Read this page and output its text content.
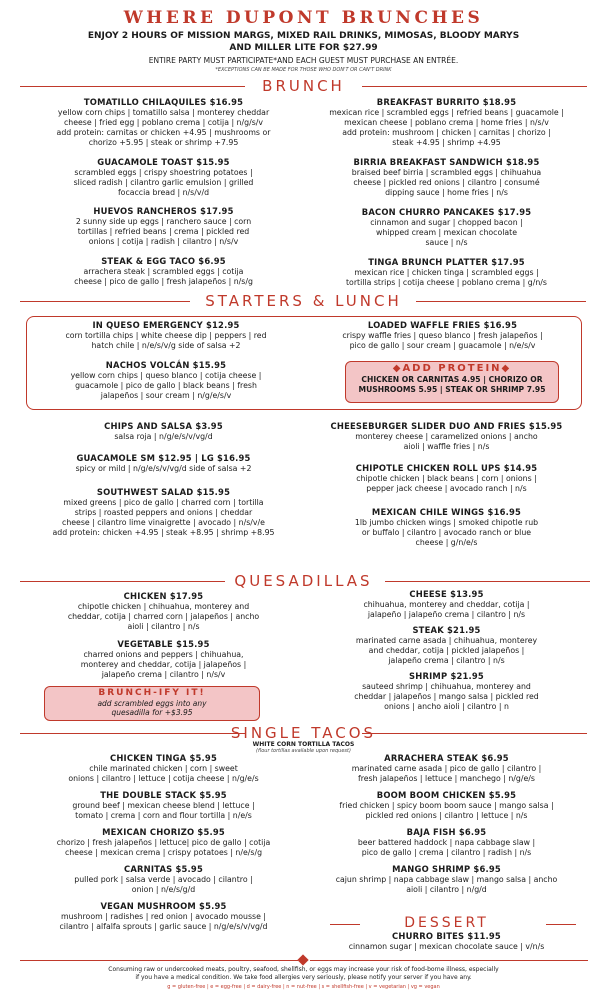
WHERE DUPONT BRUNCHES
ENJOY 2 HOURS OF MISSION MARGS, MIXED RAIL DRINKS, MIMOSAS, BLOODY MARYS
AND MILLER LITE FOR $27.99
ENTIRE PARTY MUST PARTICIPATE*AND EACH GUEST MUST PURCHASE AN ENTRÉE.
*EXCEPTIONS CAN BE MADE FOR THOSE WHO DON'T OR CAN'T DRINK
BRUNCH
TOMATILLO CHILAQUILES $16.95
yellow corn chips | tomatillo salsa | monterey cheddar
cheese | fried egg | poblano crema | cotija | n/g/s/v
add protein: carnitas or chicken +4.95 | mushrooms or
chorizo +5.95 | steak or shrimp +7.95
GUACAMOLE TOAST $15.95
scrambled eggs | crispy shoestring potatoes |
sliced radish | cilantro garlic emulsion | grilled
focaccia bread | n/s/v/d
HUEVOS RANCHEROS $17.95
2 sunny side up eggs | ranchero sauce | corn
tortillas | refried beans | crema | pickled red
onions | cotija | radish | cilantro | n/s/v
STEAK & EGG TACO $6.95
arrachera steak | scrambled eggs | cotija
cheese | pico de gallo | fresh jalapeños | n/s/g
BREAKFAST BURRITO $18.95
mexican rice | scrambled eggs | refried beans | guacamole |
mexican cheese | poblano crema | home fries | n/s/v
add protein: mushroom | chicken | carnitas | chorizo |
steak +4.95 | shrimp +4.95
BIRRIA BREAKFAST SANDWICH $18.95
braised beef birria | scrambled eggs | chihuahua
cheese | pickled red onions | cilantro | consumé
dipping sauce | home fries | n/s
BACON CHURRO PANCAKES $17.95
cinnamon and sugar | chopped bacon |
whipped cream | mexican chocolate
sauce | n/s
TINGA BRUNCH PLATTER $17.95
mexican rice | chicken tinga | scrambled eggs |
tortilla strips | cotija cheese | poblano crema | g/n/s
STARTERS & LUNCH
IN QUESO EMERGENCY $12.95
corn tortilla chips | white cheese dip | peppers | red
hatch chile | n/e/s/v/g side of salsa +2
NACHOS VOLCÁN $15.95
yellow corn chips | queso blanco | cotija cheese |
guacamole | pico de gallo | black beans | fresh
jalapeños | sour cream | n/g/e/s/v
LOADED WAFFLE FRIES $16.95
crispy waffle fries | queso blanco | fresh jalapeños |
pico de gallo | sour cream | guacamole | n/e/s/v
◆ADD PROTEIN◆
CHICKEN OR CARNITAS 4.95 | CHORIZO OR
MUSHROOMS 5.95 | STEAK OR SHRIMP 7.95
CHIPS AND SALSA $3.95
salsa roja | n/g/e/s/v/vg/d
GUACAMOLE SM $12.95 | LG $16.95
spicy or mild | n/g/e/s/v/vg/d side of salsa +2
SOUTHWEST SALAD $15.95
mixed greens | pico de gallo | charred corn | tortilla
strips | roasted peppers and onions | cheddar
cheese | cilantro lime vinaigrette | avocado | n/s/v/e
add protein: chicken +4.95 | steak +8.95 | shrimp +8.95
CHEESEBURGER SLIDER DUO AND FRIES $15.95
monterey cheese | caramelized onions | ancho
aioli | waffle fries | n/s
CHIPOTLE CHICKEN ROLL UPS $14.95
chipotle chicken | black beans | corn | onions |
pepper jack cheese | avocado ranch | n/s
MEXICAN CHILE WINGS $16.95
1lb jumbo chicken wings | smoked chipotle rub
or buffalo | cilantro | avocado ranch or blue
cheese | g/n/e/s
QUESADILLAS
CHICKEN $17.95
chipotle chicken | chihuahua, monterey and
cheddar, cotija | charred corn | jalapeños | ancho
aioli | cilantro | n/s
VEGETABLE $15.95
charred onions and peppers | chihuahua,
monterey and cheddar, cotija | jalapeños |
jalapeño crema | cilantro | n/s/v
CHEESE $13.95
chihuahua, monterey and cheddar, cotija |
jalapeño | jalapeño crema | cilantro | n/s
STEAK $21.95
marinated carne asada | chihuahua, monterey
and cheddar, cotija | pickled jalapeños |
jalapeño crema | cilantro | n/s
SHRIMP $21.95
sauteed shrimp | chihuahua, monterey and
cheddar | jalapeños | mango salsa | pickled red
onions | ancho aioli | cilantro | n
BRUNCH-IFY IT!
add scrambled eggs into any
quesadilla for +$3.95
SINGLE TACOS
WHITE CORN TORTILLA TACOS
(flour tortillas available upon request)
CHICKEN TINGA $5.95
chile marinated chicken | corn | sweet
onions | cilantro | lettuce | cotija cheese | n/g/e/s
THE DOUBLE STACK $5.95
ground beef | mexican cheese blend | lettuce |
tomato | crema | corn and flour tortilla | n/e/s
MEXICAN CHORIZO $5.95
chorizo | fresh jalapeños | lettuce| pico de gallo | cotija
cheese | mexican crema | crispy potatoes | n/e/s/g
CARNITAS $5.95
pulled pork | salsa verde | avocado | cilantro |
onion | n/e/s/g/d
VEGAN MUSHROOM $5.95
mushroom | radishes | red onion | avocado mousse |
cilantro | alfalfa sprouts | garlic sauce | n/g/e/s/v/vg/d
ARRACHERA STEAK $6.95
marinated carne asada | pico de gallo | cilantro |
fresh jalapeños | lettuce | manchego | n/g/e/s
BOOM BOOM CHICKEN $5.95
fried chicken | spicy boom boom sauce | mango salsa |
pickled red onions | cilantro | lettuce | n/s
BAJA FISH $6.95
beer battered haddock | napa cabbage slaw |
pico de gallo | crema | cilantro | radish | n/s
MANGO SHRIMP $6.95
cajun shrimp | napa cabbage slaw | mango salsa | ancho
aioli | cilantro | n/g/d
DESSERT
CHURRO BITES $11.95
cinnamon sugar | mexican chocolate sauce | v/n/s
Consuming raw or undercooked meats, poultry, seafood, shellfish, or eggs may increase your risk of food-borne illness, especially
if you have a medical condition. We take food allergies very seriously, please notify your server if you have any.
g = gluten-free | e = egg-free | d = dairy-free | n = nut-free | s = shellfish-free | v = vegetarian | vg = vegan
